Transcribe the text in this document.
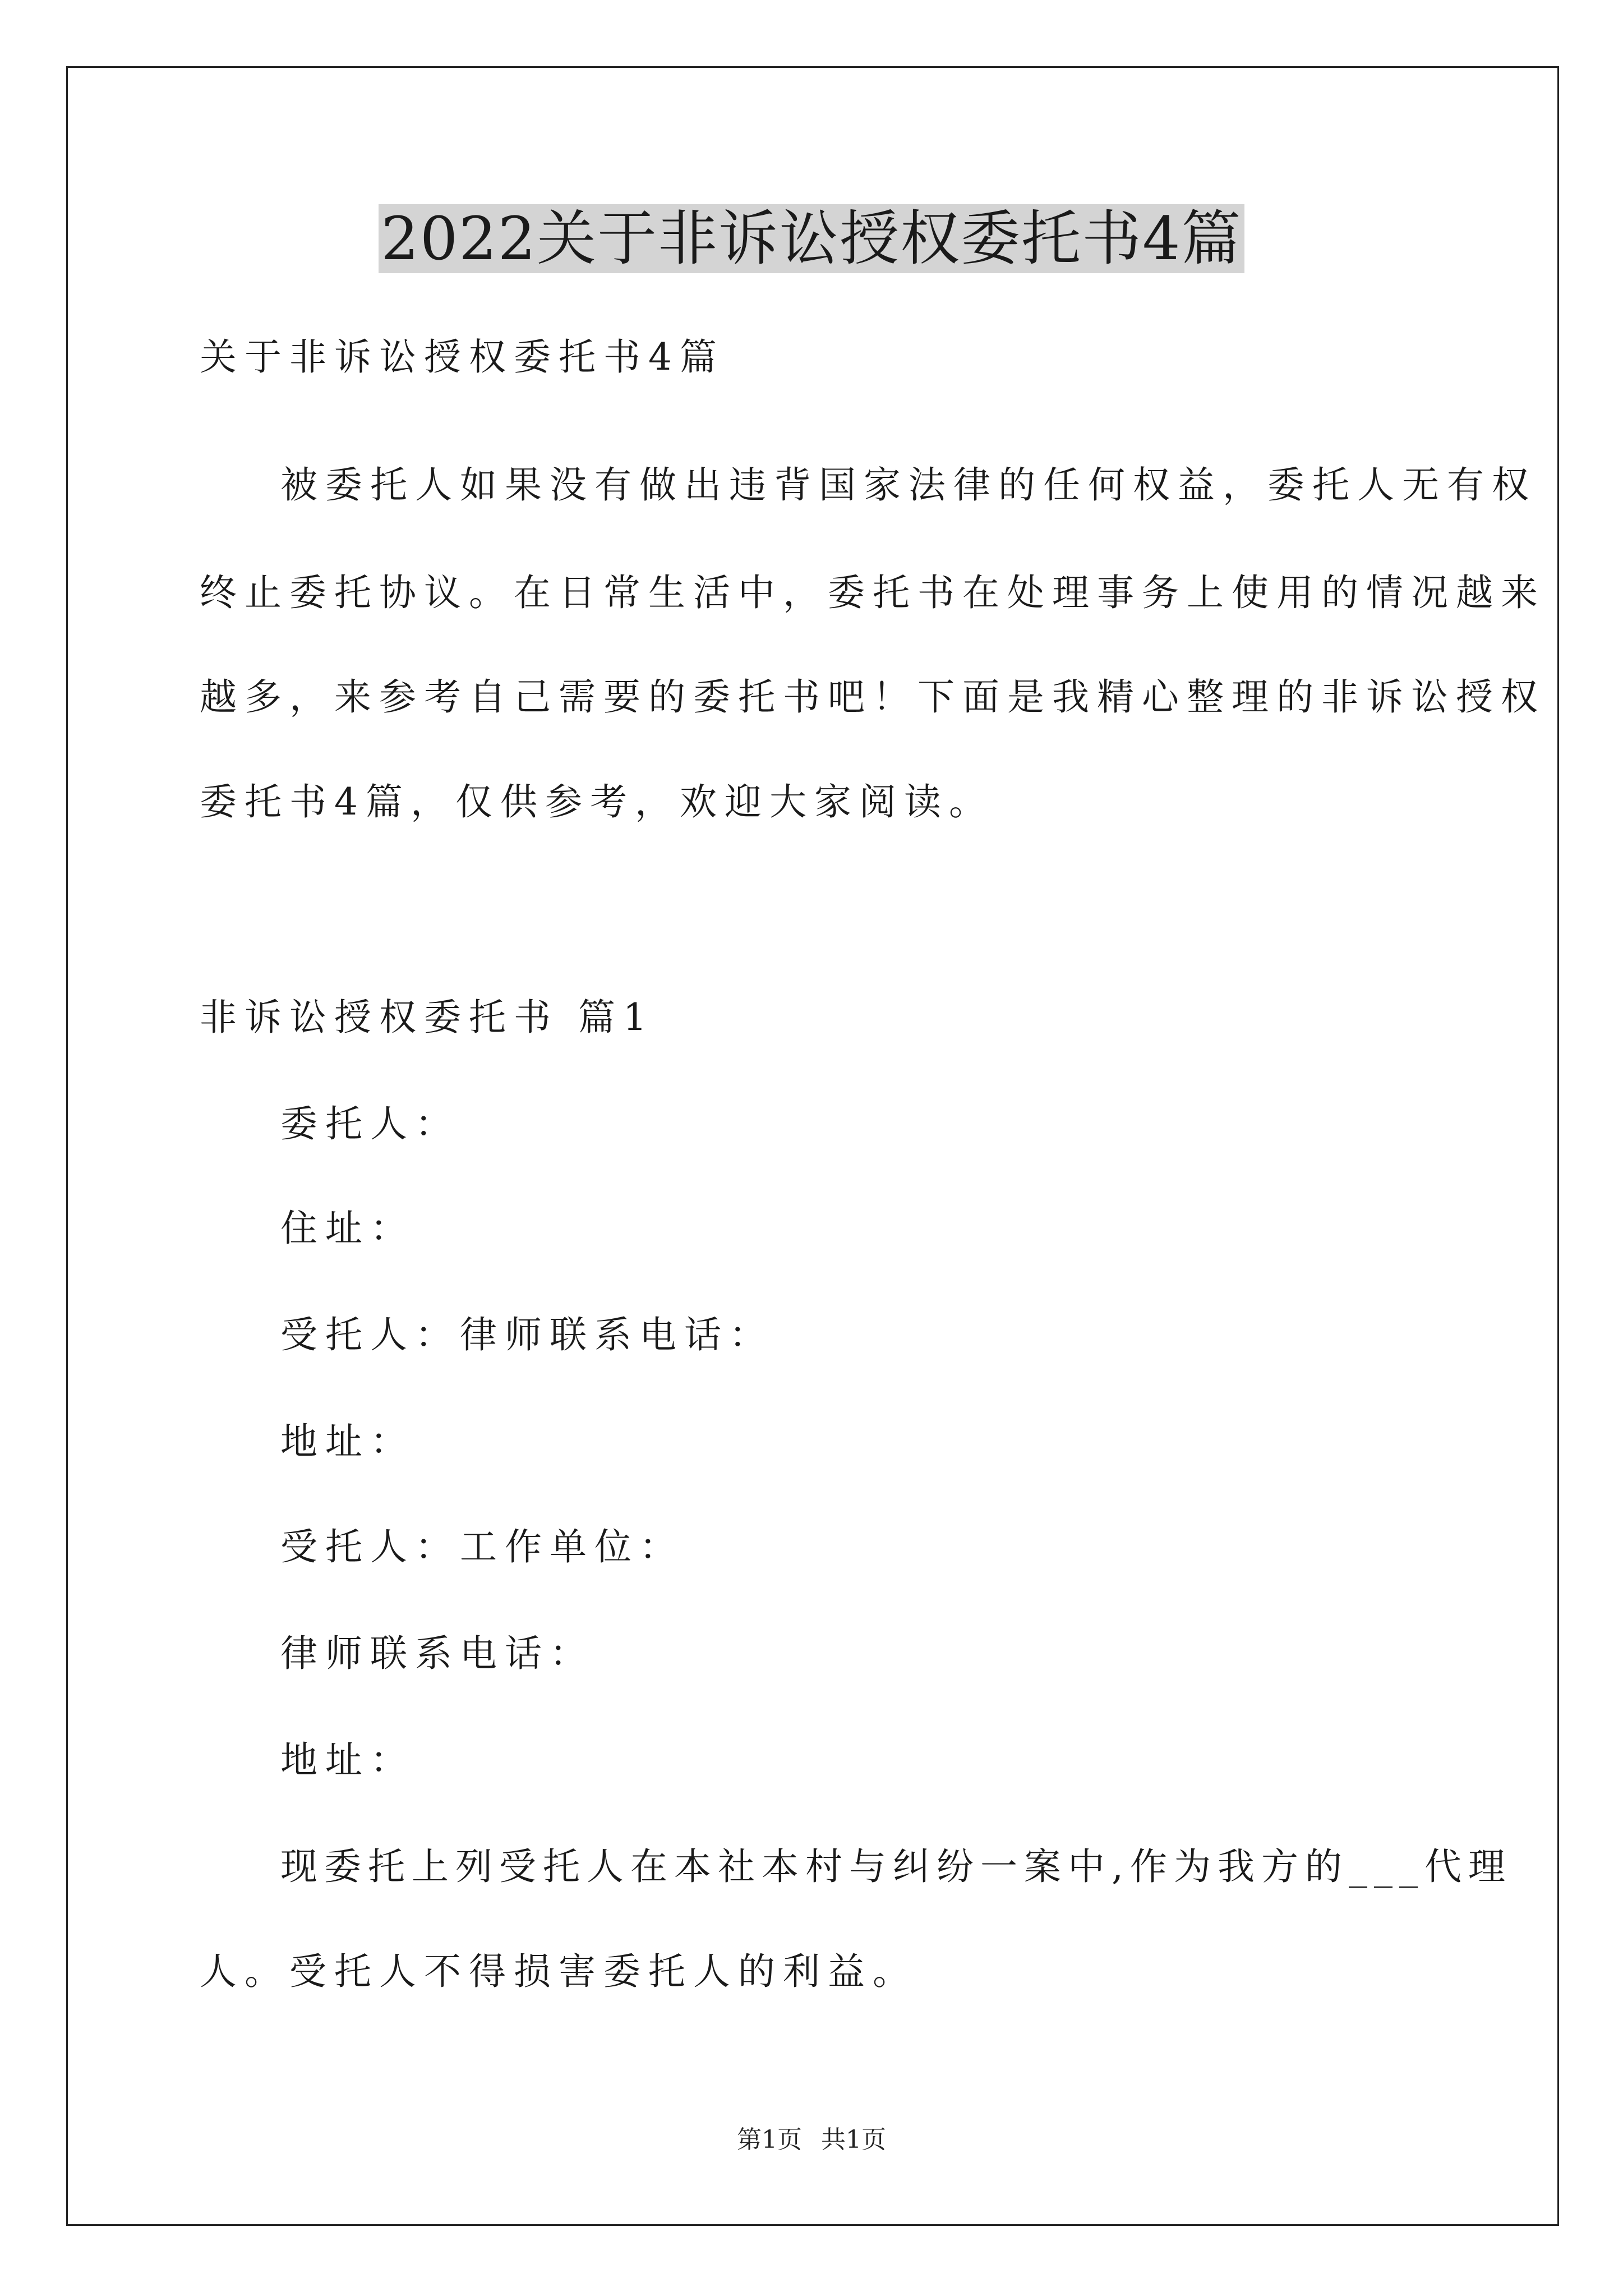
2022关于非诉讼授权委托书4篇
关于非诉讼授权委托书4篇
被委托人如果没有做出违背国家法律的任何权益，委托人无有权
终止委托协议。在日常生活中，委托书在处理事务上使用的情况越来
越多，来参考自己需要的委托书吧！下面是我精心整理的非诉讼授权
委托书4篇，仅供参考，欢迎大家阅读。
非诉讼授权委托书 篇1
委托人：
住址：
受托人：律师联系电话：
地址：
受托人：工作单位：
律师联系电话：
地址：
现委托上列受托人在本社本村与纠纷一案中,作为我方的___代理
人。受托人不得损害委托人的利益。
第1页 共1页
